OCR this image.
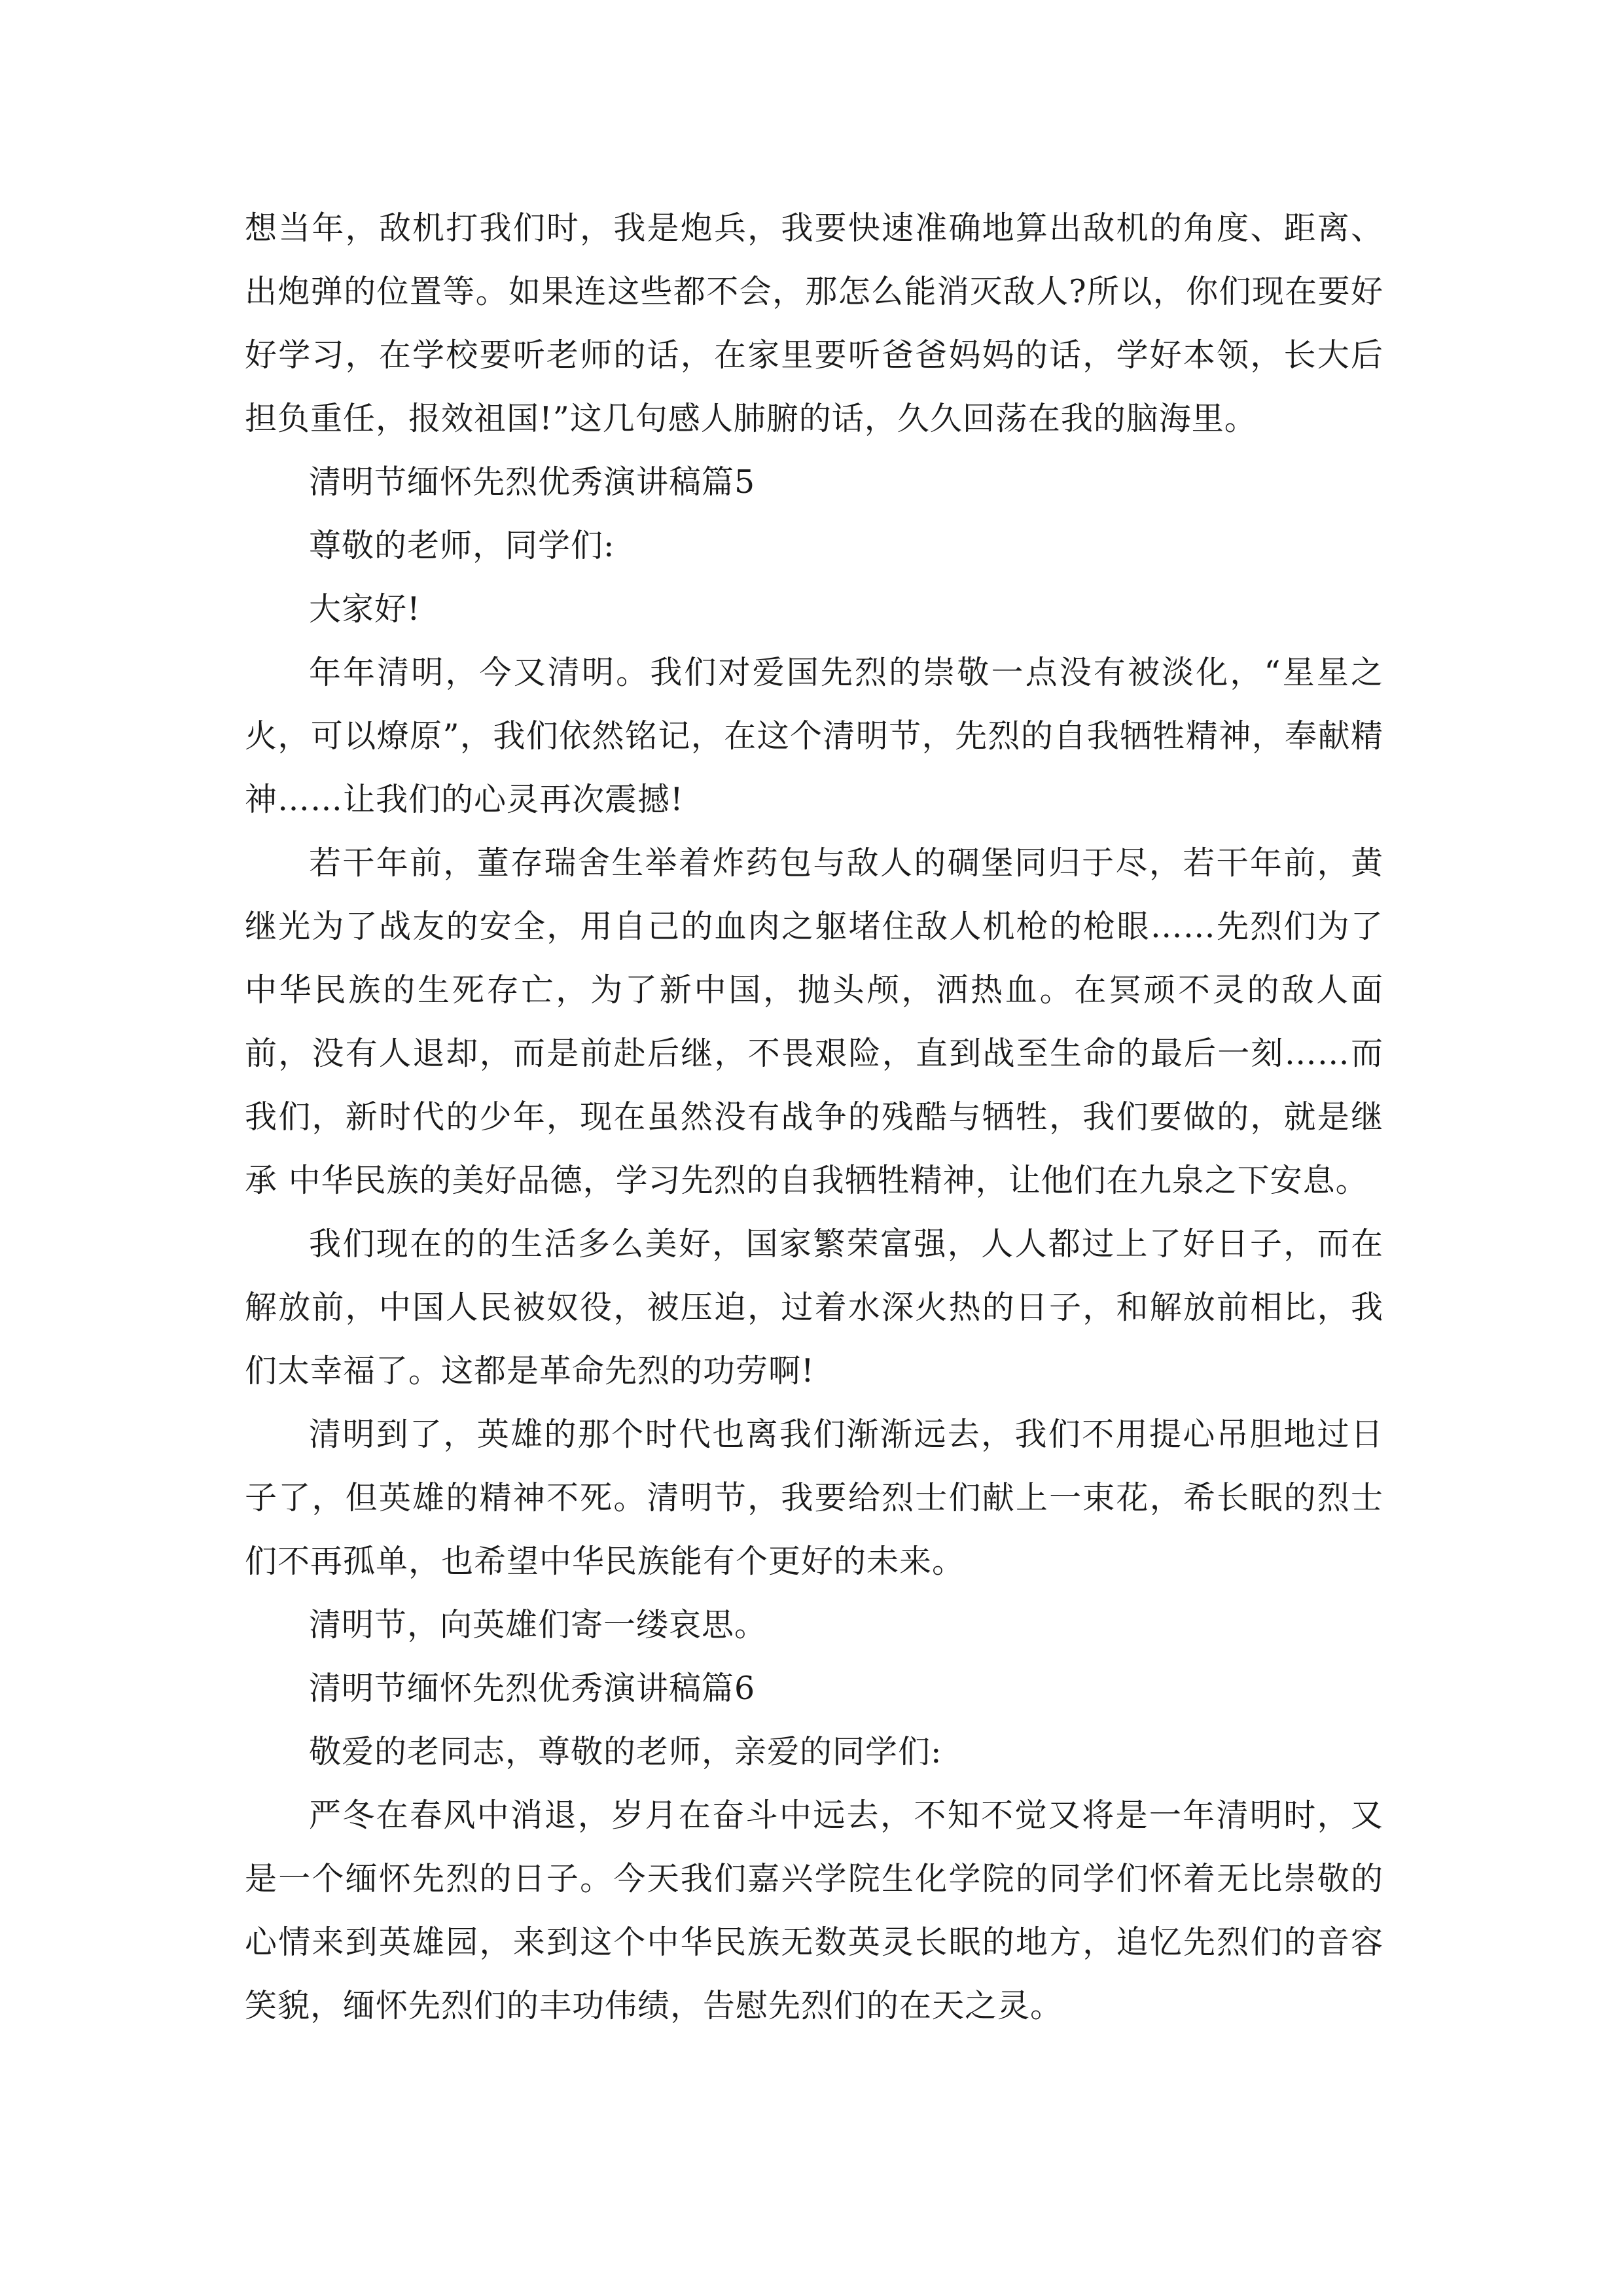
想当年，敌机打我们时，我是炮兵，我要快速准确地算出敌机的角度、距离、出炮弹的位置等。如果连这些都不会，那怎么能消灭敌人?所以，你们现在要好好学习，在学校要听老师的话，在家里要听爸爸妈妈的话，学好本领，长大后担负重任，报效祖国!”这几句感人肺腑的话，久久回荡在我的脑海里。

清明节缅怀先烈优秀演讲稿篇5

尊敬的老师，同学们:

大家好!

年年清明，今又清明。我们对爱国先烈的崇敬一点没有被淡化，“星星之火，可以燎原”，我们依然铭记，在这个清明节，先烈的自我牺牲精神，奉献精神……让我们的心灵再次震撼!

若干年前，董存瑞舍生举着炸药包与敌人的碉堡同归于尽，若干年前，黄继光为了战友的安全，用自己的血肉之躯堵住敌人机枪的枪眼……先烈们为了中华民族的生死存亡，为了新中国，抛头颅，洒热血。在冥顽不灵的敌人面前，没有人退却，而是前赴后继，不畏艰险，直到战至生命的最后一刻……而我们，新时代的少年，现在虽然没有战争的残酷与牺牲，我们要做的，就是继承 中华民族的美好品德，学习先烈的自我牺牲精神，让他们在九泉之下安息。

我们现在的的生活多么美好，国家繁荣富强，人人都过上了好日子，而在解放前，中国人民被奴役，被压迫，过着水深火热的日子，和解放前相比，我们太幸福了。这都是革命先烈的功劳啊!

清明到了，英雄的那个时代也离我们渐渐远去，我们不用提心吊胆地过日子了，但英雄的精神不死。清明节，我要给烈士们献上一束花，希长眠的烈士们不再孤单，也希望中华民族能有个更好的未来。

清明节，向英雄们寄一缕哀思。

清明节缅怀先烈优秀演讲稿篇6

敬爱的老同志，尊敬的老师，亲爱的同学们:

严冬在春风中消退，岁月在奋斗中远去，不知不觉又将是一年清明时，又是一个缅怀先烈的日子。今天我们嘉兴学院生化学院的同学们怀着无比崇敬的心情来到英雄园，来到这个中华民族无数英灵长眠的地方，追忆先烈们的音容笑貌，缅怀先烈们的丰功伟绩，告慰先烈们的在天之灵。
